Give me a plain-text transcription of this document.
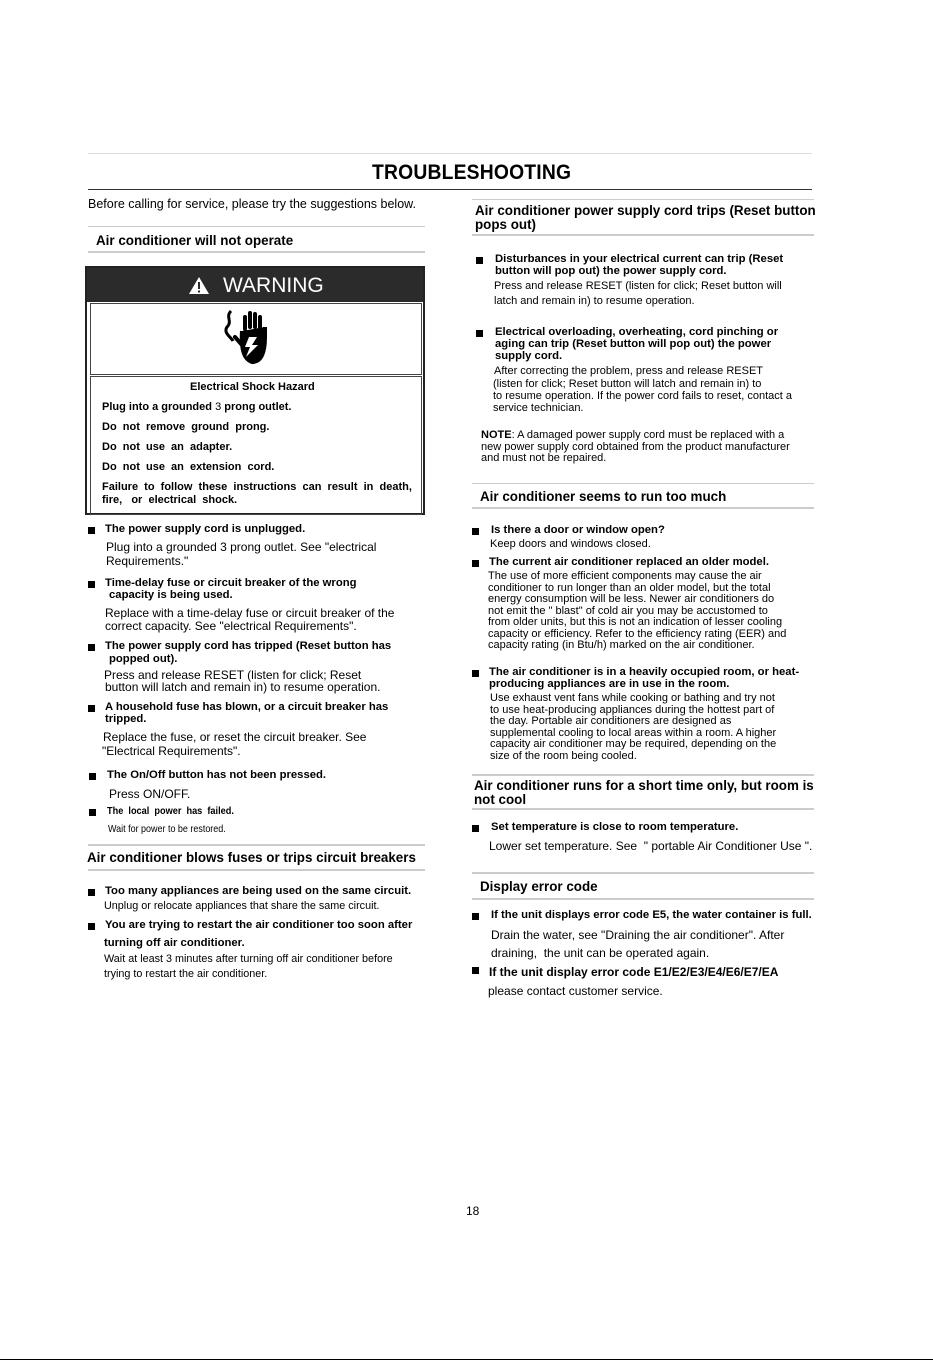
TROUBLESHOOTING
Before calling for service, please try the suggestions below.
Air conditioner will not operate
WARNING
Electrical Shock Hazard
Plug into a grounded 3 prong outlet.
Do  not  remove  ground  prong.
Do  not  use  an  adapter.
Do  not  use  an  extension  cord.
Failure  to  follow  these  instructions  can  result  in  death,
fire,   or  electrical  shock.
The power supply cord is unplugged.
Plug into a grounded 3 prong outlet. See "electrical
Requirements."
Time-delay fuse or circuit breaker of the wrong
capacity is being used.
Replace with a time-delay fuse or circuit breaker of the
correct capacity. See "electrical Requirements".
The power supply cord has tripped (Reset button has
popped out).
Press and release RESET (listen for click; Reset
button will latch and remain in) to resume operation.
A household fuse has blown, or a circuit breaker has
tripped.
Replace the fuse, or reset the circuit breaker. See
"Electrical Requirements".
The On/Off button has not been pressed.
Press ON/OFF.
The  local  power  has  failed.
Wait for power to be restored.
Air conditioner blows fuses or trips circuit breakers
Too many appliances are being used on the same circuit.
Unplug or relocate appliances that share the same circuit.
You are trying to restart the air conditioner too soon after
turning off air conditioner.
Wait at least 3 minutes after turning off air conditioner before
trying to restart the air conditioner.
Air conditioner power supply cord trips (Reset button
pops out)
Disturbances in your electrical current can trip (Reset
button will pop out) the power supply cord.
Press and release RESET (listen for click; Reset button will
latch and remain in) to resume operation.
Electrical overloading, overheating, cord pinching or
aging can trip (Reset button will pop out) the power
supply cord.
After correcting the problem, press and release RESET
(listen for click; Reset button will latch and remain in) to
to resume operation. If the power cord fails to reset, contact a
service technician.
NOTE: A damaged power supply cord must be replaced with a
new power supply cord obtained from the product manufacturer
and must not be repaired.
Air conditioner seems to run too much
Is there a door or window open?
Keep doors and windows closed.
The current air conditioner replaced an older model.
The use of more efficient components may cause the air
conditioner to run longer than an older model, but the total
energy consumption will be less. Newer air conditioners do
not emit the " blast" of cold air you may be accustomed to
from older units, but this is not an indication of lesser cooling
capacity or efficiency. Refer to the efficiency rating (EER) and
capacity rating (in Btu/h) marked on the air conditioner.
The air conditioner is in a heavily occupied room, or heat-
producing appliances are in use in the room.
Use exhaust vent fans while cooking or bathing and try not
to use heat-producing appliances during the hottest part of
the day. Portable air conditioners are designed as
supplemental cooling to local areas within a room. A higher
capacity air conditioner may be required, depending on the
size of the room being cooled.
Air conditioner runs for a short time only, but room is
not cool
Set temperature is close to room temperature.
Lower set temperature. See  " portable Air Conditioner Use ".
Display error code
If the unit displays error code E5, the water container is full.
Drain the water, see "Draining the air conditioner". After
draining,  the unit can be operated again.
If the unit display error code E1/E2/E3/E4/E6/E7/EA
please contact customer service.
18
